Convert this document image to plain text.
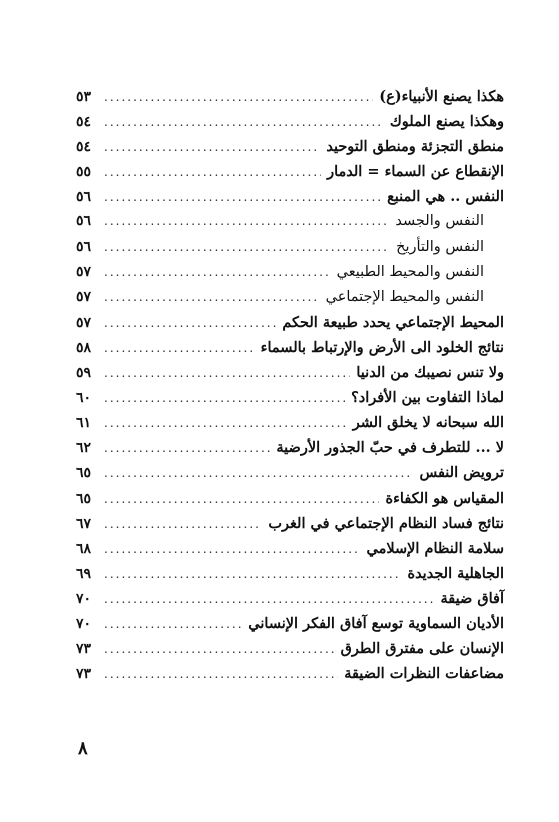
هكذا يصنع الأنبياء(ع)
.....
٥٣
وهكذا يصنع الملوك
.....
٥٤
منطق التجزئة ومنطق التوحيد
.....
٥٤
الإنقطاع عن السماء = الدمار
.....
٥٥
النفس .. هي المنبع
.....
٥٦
النفس والجسد
.....
٥٦
النفس والتأريخ
.....
٥٦
النفس والمحيط الطبيعي
.....
٥٧
النفس والمحيط الإجتماعي
.....
٥٧
المحيط الإجتماعي يحدد طبيعة الحكم
.....
٥٧
نتائج الخلود الى الأرض والإرتباط بالسماء
.....
٥٨
ولا تنس نصيبك من الدنيا
.....
٥٩
لماذا التفاوت بين الأفراد؟
.....
٦٠
الله سبحانه لا يخلق الشر
.....
٦١
لا ... للتطرف في حبّ الجذور الأرضية
.....
٦٢
ترويض النفس
.....
٦٥
المقياس هو الكفاءة
.....
٦٥
نتائج فساد النظام الإجتماعي في الغرب
.....
٦٧
سلامة النظام الإسلامي
.....
٦٨
الجاهلية الجديدة
.....
٦٩
آفاق ضيقة
.....
٧٠
الأديان السماوية توسع آفاق الفكر الإنساني
.....
٧٠
الإنسان على مفترق الطرق
.....
٧٣
مضاعفات النظرات الضيقة
.....
٧٣
٨
